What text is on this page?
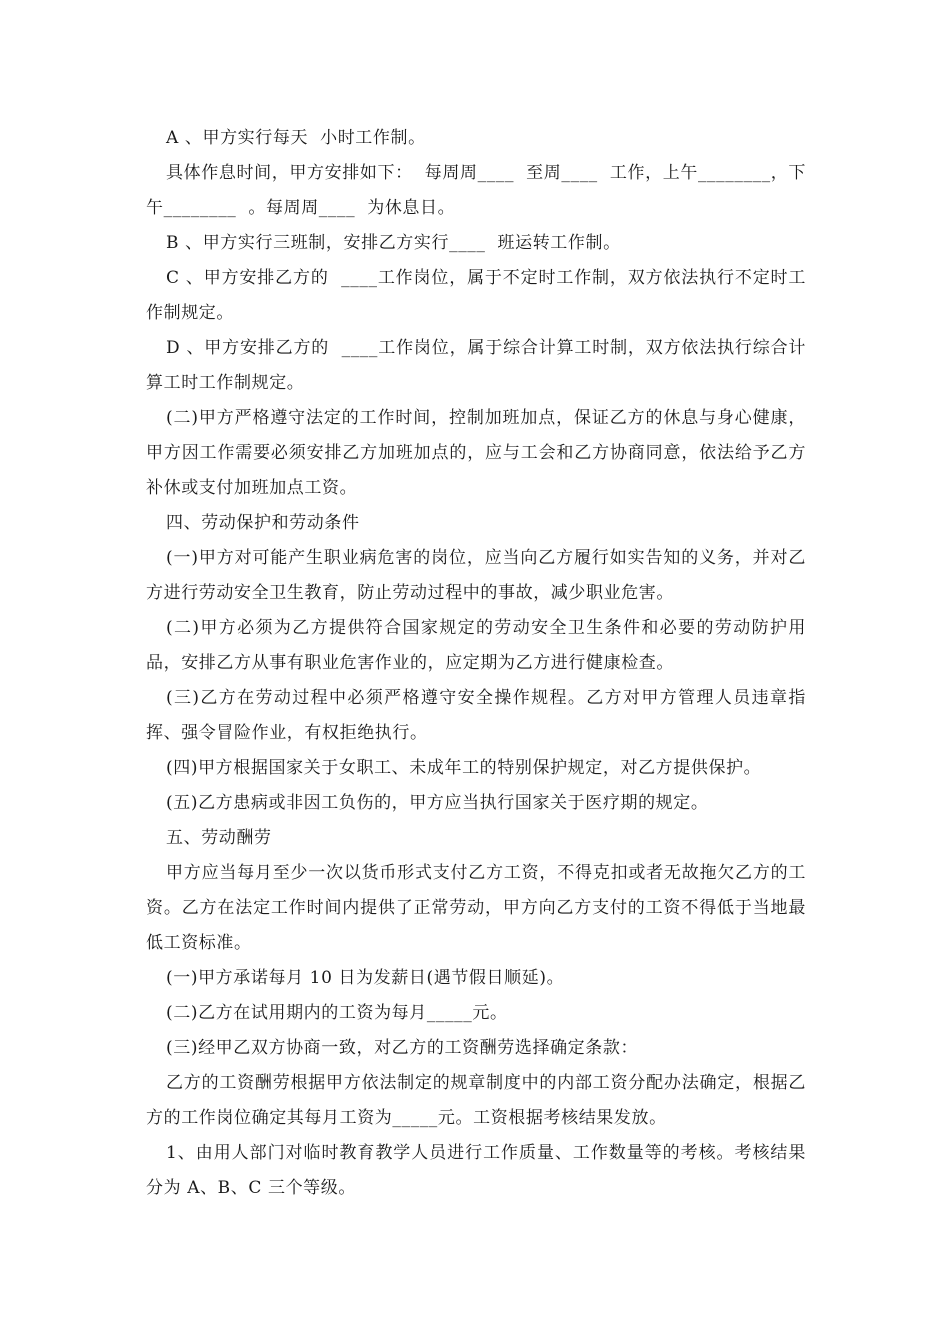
A 、甲方实行每天  小时工作制。

具体作息时间，甲方安排如下：  每周周____  至周____  工作，上午________，下午________  。每周周____  为休息日。

B 、甲方实行三班制，安排乙方实行____  班运转工作制。

C 、甲方安排乙方的  ____工作岗位，属于不定时工作制，双方依法执行不定时工作制规定。

D 、甲方安排乙方的  ____工作岗位，属于综合计算工时制，双方依法执行综合计算工时工作制规定。

(二)甲方严格遵守法定的工作时间，控制加班加点，保证乙方的休息与身心健康，甲方因工作需要必须安排乙方加班加点的，应与工会和乙方协商同意，依法给予乙方补休或支付加班加点工资。

四、劳动保护和劳动条件

(一)甲方对可能产生职业病危害的岗位，应当向乙方履行如实告知的义务，并对乙方进行劳动安全卫生教育，防止劳动过程中的事故，减少职业危害。

(二)甲方必须为乙方提供符合国家规定的劳动安全卫生条件和必要的劳动防护用品，安排乙方从事有职业危害作业的，应定期为乙方进行健康检查。

(三)乙方在劳动过程中必须严格遵守安全操作规程。乙方对甲方管理人员违章指挥、强令冒险作业，有权拒绝执行。

(四)甲方根据国家关于女职工、未成年工的特别保护规定，对乙方提供保护。

(五)乙方患病或非因工负伤的，甲方应当执行国家关于医疗期的规定。

五、劳动酬劳

甲方应当每月至少一次以货币形式支付乙方工资，不得克扣或者无故拖欠乙方的工资。乙方在法定工作时间内提供了正常劳动，甲方向乙方支付的工资不得低于当地最低工资标准。

(一)甲方承诺每月 10 日为发薪日(遇节假日顺延)。

(二)乙方在试用期内的工资为每月_____元。

(三)经甲乙双方协商一致，对乙方的工资酬劳选择确定条款：

乙方的工资酬劳根据甲方依法制定的规章制度中的内部工资分配办法确定，根据乙方的工作岗位确定其每月工资为_____元。工资根据考核结果发放。

1、由用人部门对临时教育教学人员进行工作质量、工作数量等的考核。考核结果分为 A、B、C 三个等级。
